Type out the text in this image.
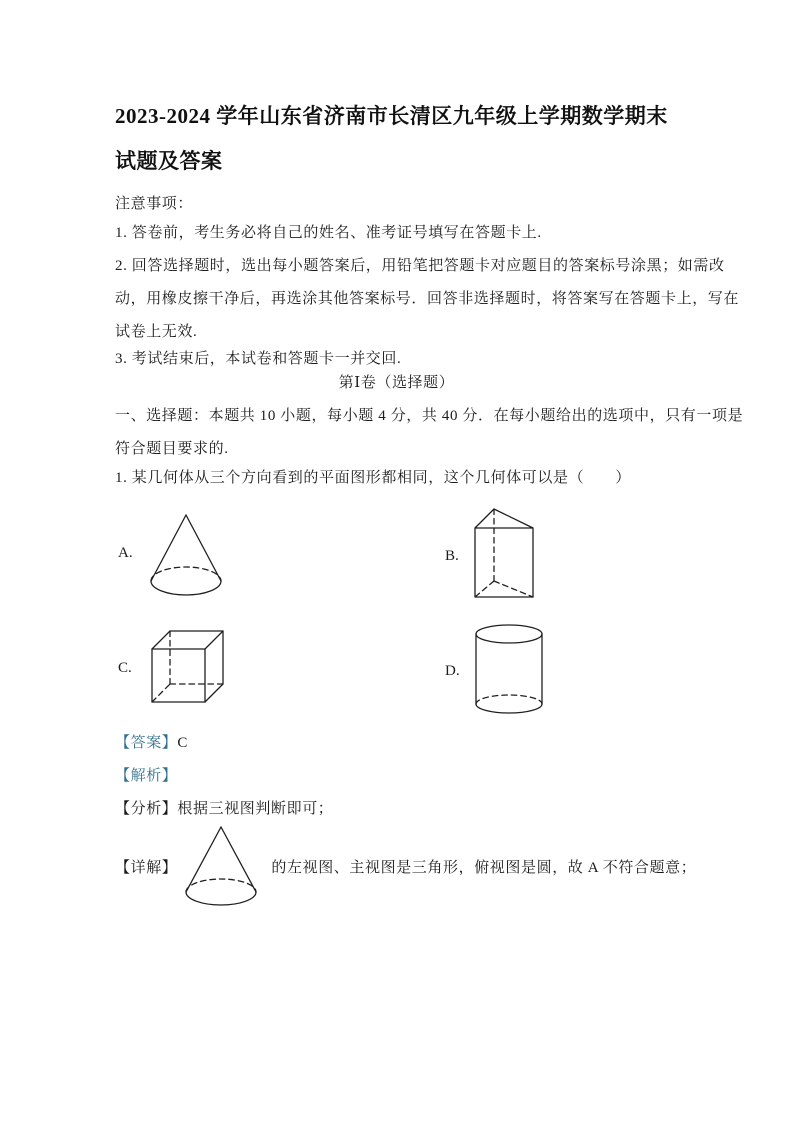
2023-2024 学年山东省济南市长清区九年级上学期数学期末
试题及答案
注意事项：
1. 答卷前，考生务必将自己的姓名、准考证号填写在答题卡上.
2. 回答选择题时，选出每小题答案后，用铅笔把答题卡对应题目的答案标号涂黑；如需改
动，用橡皮擦干净后，再选涂其他答案标号．回答非选择题时，将答案写在答题卡上，写在
试卷上无效.
3. 考试结束后，本试卷和答题卡一并交回.
第Ⅰ卷（选择题）
一、选择题：本题共 10 小题，每小题 4 分，共 40 分．在每小题给出的选项中，只有一项是
符合题目要求的.
1. 某几何体从三个方向看到的平面图形都相同，这个几何体可以是（　　）
A.	B.
C.	D.
【答案】C
【解析】
【分析】根据三视图判断即可；
【详解】	的左视图、主视图是三角形，俯视图是圆，故 A 不符合题意；
